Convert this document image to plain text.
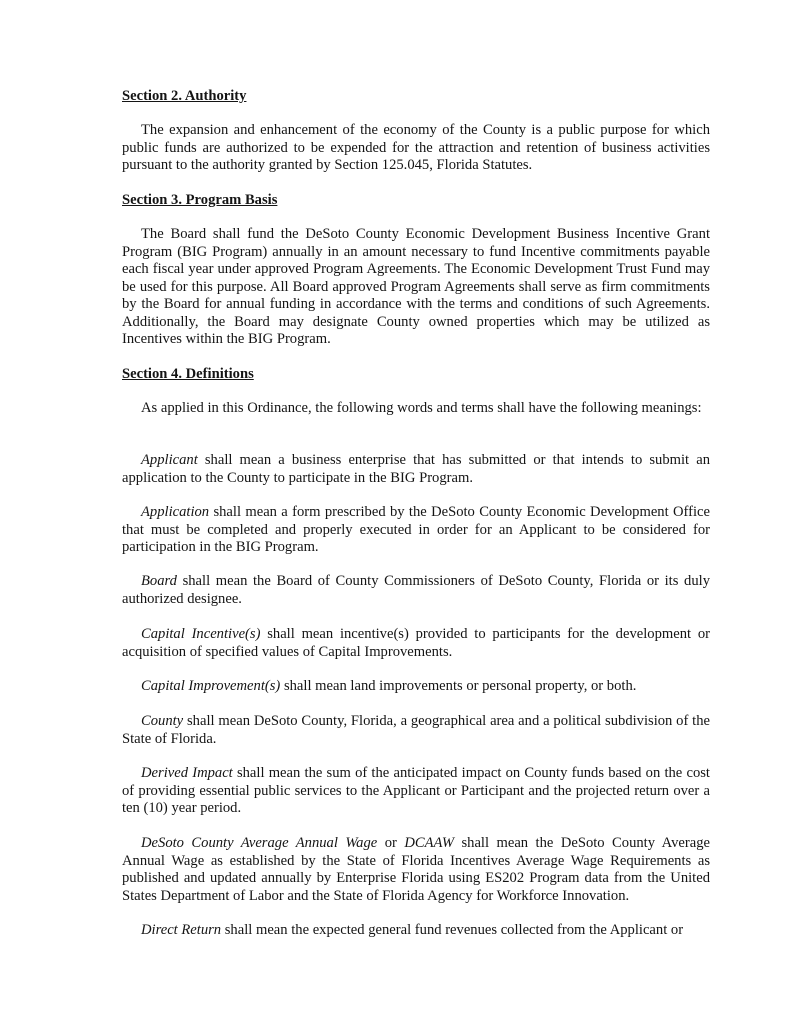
Section 2. Authority
The expansion and enhancement of the economy of the County is a public purpose for which public funds are authorized to be expended for the attraction and retention of business activities pursuant to the authority granted by Section 125.045, Florida Statutes.
Section 3. Program Basis
The Board shall fund the DeSoto County Economic Development Business Incentive Grant Program (BIG Program) annually in an amount necessary to fund Incentive commitments payable each fiscal year under approved Program Agreements. The Economic Development Trust Fund may be used for this purpose. All Board approved Program Agreements shall serve as firm commitments by the Board for annual funding in accordance with the terms and conditions of such Agreements. Additionally, the Board may designate County owned properties which may be utilized as Incentives within the BIG Program.
Section 4. Definitions
As applied in this Ordinance, the following words and terms shall have the following meanings:
Applicant shall mean a business enterprise that has submitted or that intends to submit an application to the County to participate in the BIG Program.
Application shall mean a form prescribed by the DeSoto County Economic Development Office that must be completed and properly executed in order for an Applicant to be considered for participation in the BIG Program.
Board shall mean the Board of County Commissioners of DeSoto County, Florida or its duly authorized designee.
Capital Incentive(s) shall mean incentive(s) provided to participants for the development or acquisition of specified values of Capital Improvements.
Capital Improvement(s) shall mean land improvements or personal property, or both.
County shall mean DeSoto County, Florida, a geographical area and a political subdivision of the State of Florida.
Derived Impact shall mean the sum of the anticipated impact on County funds based on the cost of providing essential public services to the Applicant or Participant and the projected return over a ten (10) year period.
DeSoto County Average Annual Wage or DCAAW shall mean the DeSoto County Average Annual Wage as established by the State of Florida Incentives Average Wage Requirements as published and updated annually by Enterprise Florida using ES202 Program data from the United States Department of Labor and the State of Florida Agency for Workforce Innovation.
Direct Return shall mean the expected general fund revenues collected from the Applicant or
